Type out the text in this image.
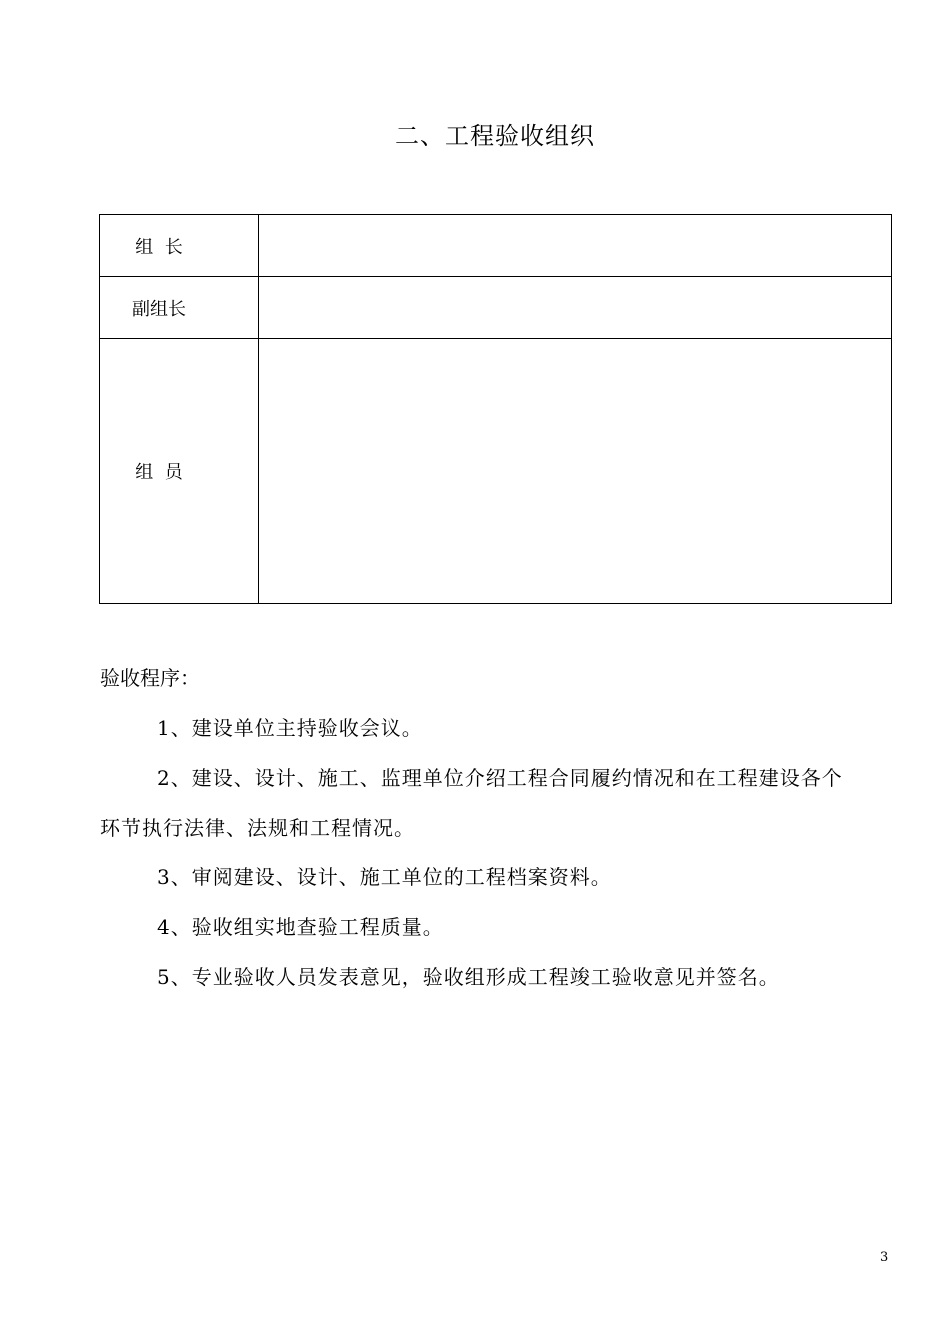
二、工程验收组织
组  长	
副组长	
组  员	
验收程序：
1、建设单位主持验收会议。
2、建设、设计、施工、监理单位介绍工程合同履约情况和在工程建设各个
环节执行法律、法规和工程情况。
3、审阅建设、设计、施工单位的工程档案资料。
4、验收组实地查验工程质量。
5、专业验收人员发表意见，验收组形成工程竣工验收意见并签名。
3
